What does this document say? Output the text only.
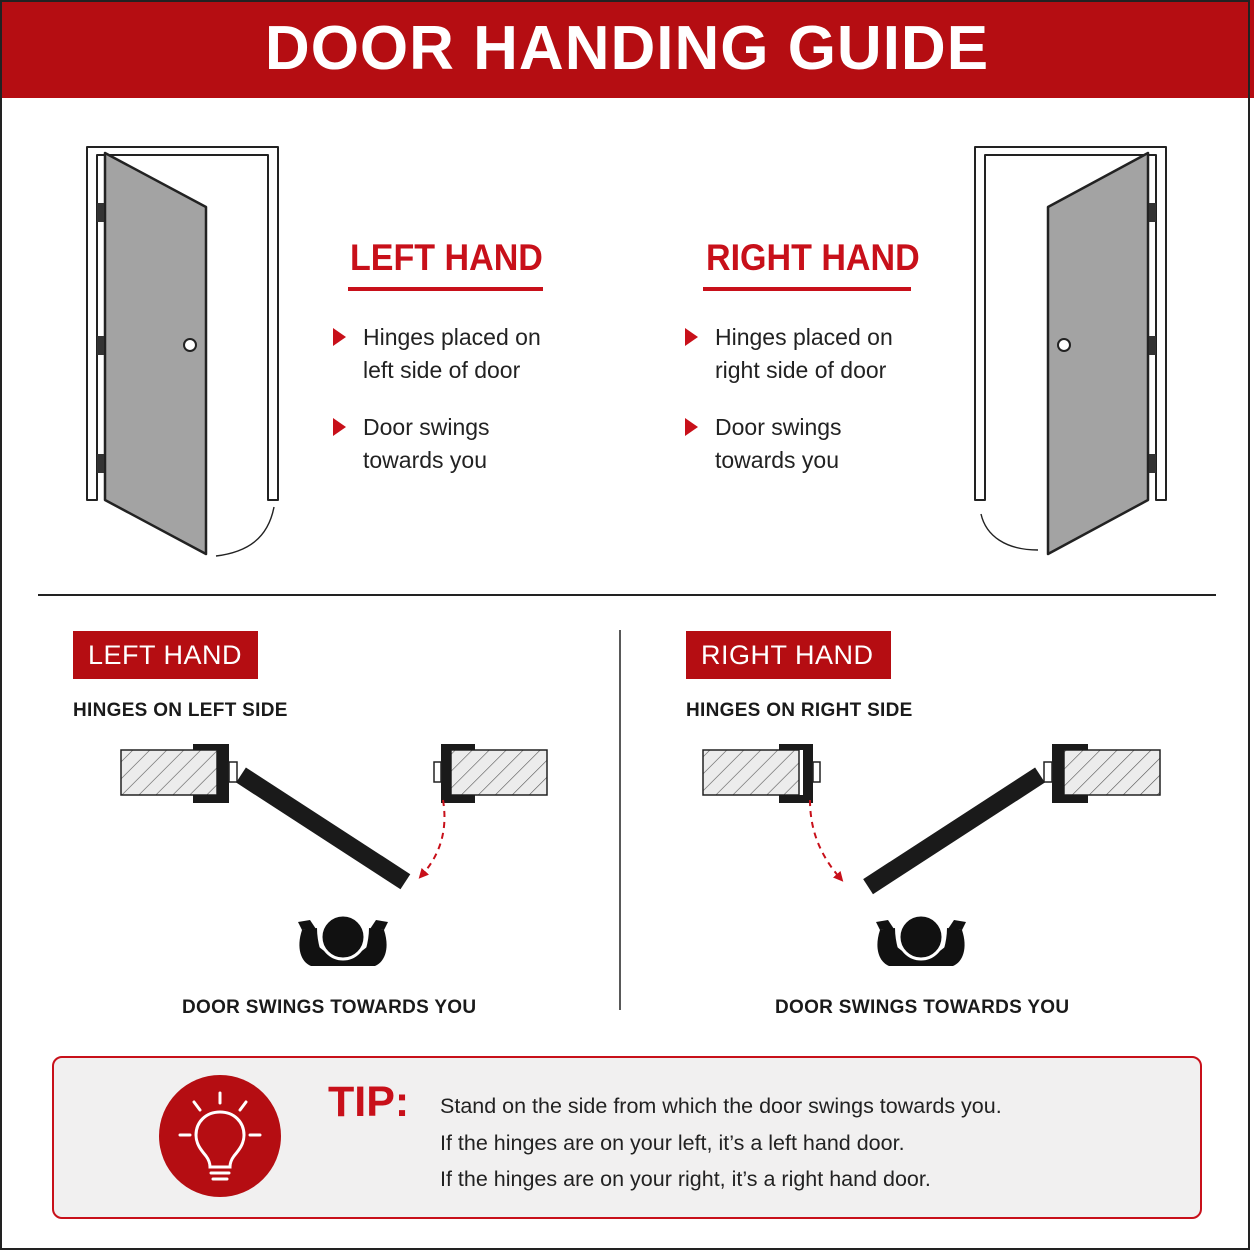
DOOR HANDING GUIDE
LEFT HAND	RIGHT HAND
Hinges placed on
left side of door
Door swings
towards you
Hinges placed on
right side of door
Door swings
towards you
LEFT HAND
HINGES ON LEFT SIDE
DOOR SWINGS TOWARDS YOU
RIGHT HAND
HINGES ON RIGHT SIDE
DOOR SWINGS TOWARDS YOU
TIP: Stand on the side from which the door swings towards you.
If the hinges are on your left, it’s a left hand door.
If the hinges are on your right, it’s a right hand door.
